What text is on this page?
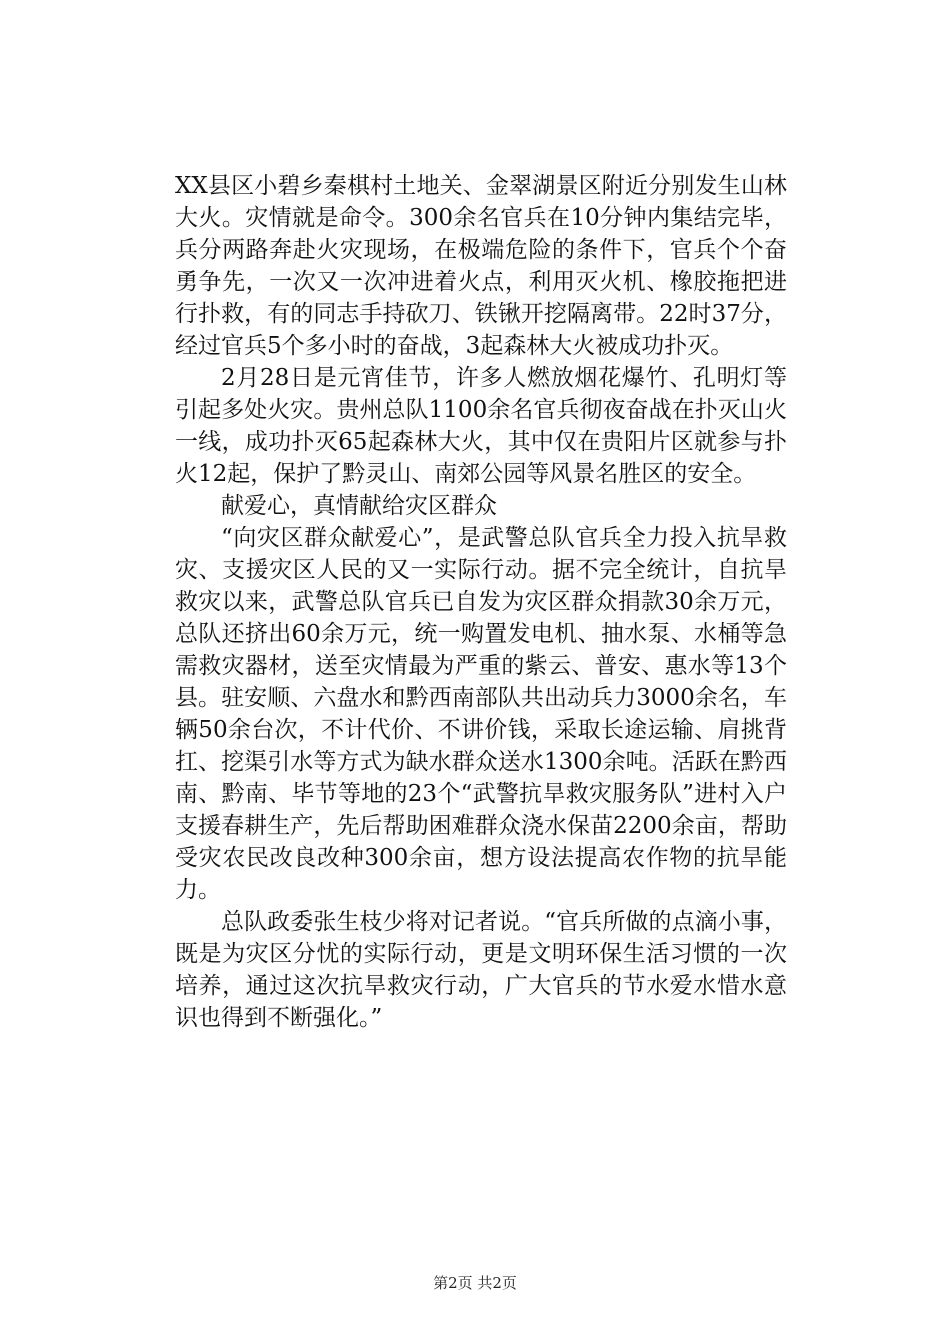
XX县区小碧乡秦棋村土地关、金翠湖景区附近分别发生山林大火。灾情就是命令。300余名官兵在10分钟内集结完毕，兵分两路奔赴火灾现场，在极端危险的条件下，官兵个个奋勇争先，一次又一次冲进着火点，利用灭火机、橡胶拖把进行扑救，有的同志手持砍刀、铁锹开挖隔离带。22时37分，经过官兵5个多小时的奋战，3起森林大火被成功扑灭。

2月28日是元宵佳节，许多人燃放烟花爆竹、孔明灯等引起多处火灾。贵州总队1100余名官兵彻夜奋战在扑灭山火一线，成功扑灭65起森林大火，其中仅在贵阳片区就参与扑火12起，保护了黔灵山、南郊公园等风景名胜区的安全。

献爱心，真情献给灾区群众

“向灾区群众献爱心”，是武警总队官兵全力投入抗旱救灾、支援灾区人民的又一实际行动。据不完全统计，自抗旱救灾以来，武警总队官兵已自发为灾区群众捐款30余万元，总队还挤出60余万元，统一购置发电机、抽水泵、水桶等急需救灾器材，送至灾情最为严重的紫云、普安、惠水等13个县。驻安顺、六盘水和黔西南部队共出动兵力3000余名，车辆50余台次，不计代价、不讲价钱，采取长途运输、肩挑背扛、挖渠引水等方式为缺水群众送水1300余吨。活跃在黔西南、黔南、毕节等地的23个“武警抗旱救灾服务队”进村入户支援春耕生产，先后帮助困难群众浇水保苗2200余亩，帮助受灾农民改良改种300余亩，想方设法提高农作物的抗旱能力。

总队政委张生枝少将对记者说。“官兵所做的点滴小事，既是为灾区分忧的实际行动，更是文明环保生活习惯的一次培养，通过这次抗旱救灾行动，广大官兵的节水爱水惜水意识也得到不断强化。”

第2页 共2页
